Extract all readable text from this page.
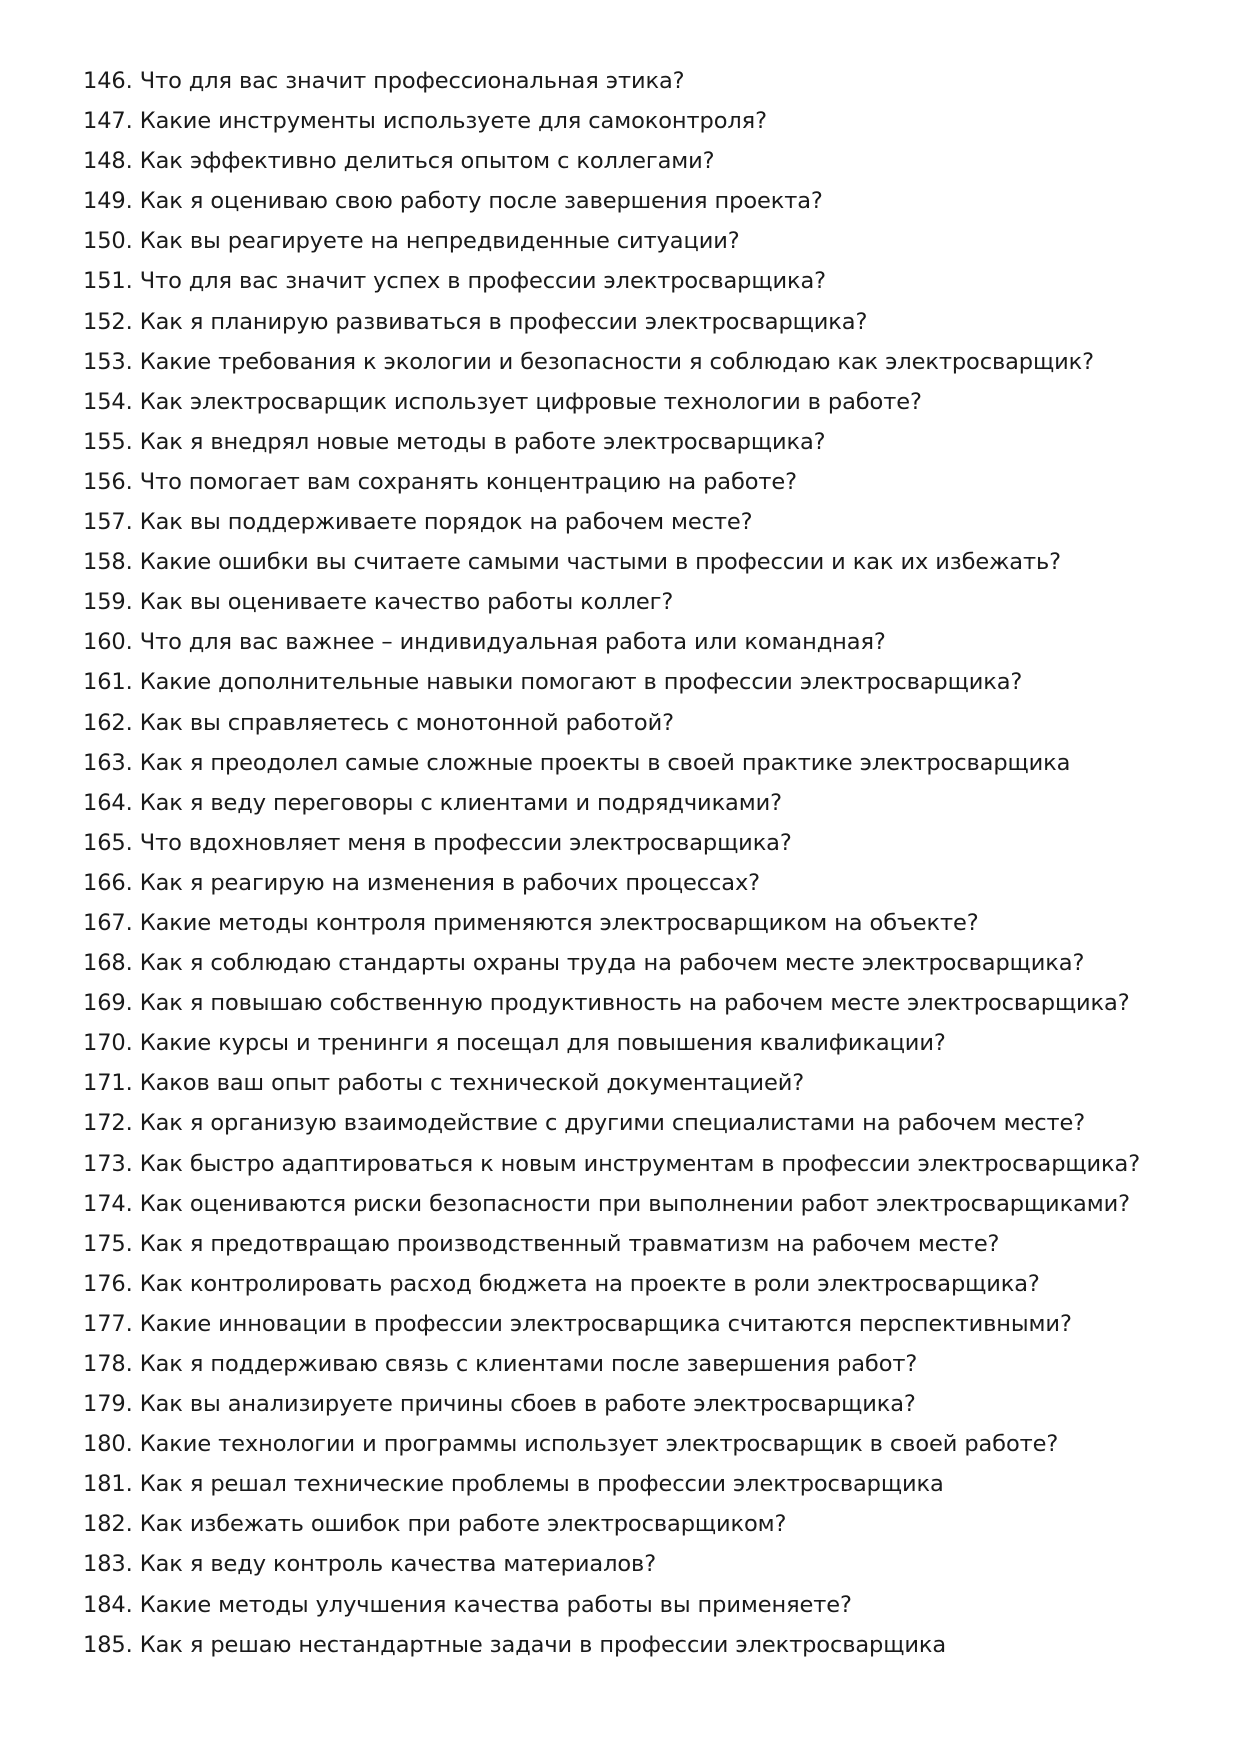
146. Что для вас значит профессиональная этика?
147. Какие инструменты используете для самоконтроля?
148. Как эффективно делиться опытом с коллегами?
149. Как я оцениваю свою работу после завершения проекта?
150. Как вы реагируете на непредвиденные ситуации?
151. Что для вас значит успех в профессии электросварщика?
152. Как я планирую развиваться в профессии электросварщика?
153. Какие требования к экологии и безопасности я соблюдаю как электросварщик?
154. Как электросварщик использует цифровые технологии в работе?
155. Как я внедрял новые методы в работе электросварщика?
156. Что помогает вам сохранять концентрацию на работе?
157. Как вы поддерживаете порядок на рабочем месте?
158. Какие ошибки вы считаете самыми частыми в профессии и как их избежать?
159. Как вы оцениваете качество работы коллег?
160. Что для вас важнее – индивидуальная работа или командная?
161. Какие дополнительные навыки помогают в профессии электросварщика?
162. Как вы справляетесь с монотонной работой?
163. Как я преодолел самые сложные проекты в своей практике электросварщика
164. Как я веду переговоры с клиентами и подрядчиками?
165. Что вдохновляет меня в профессии электросварщика?
166. Как я реагирую на изменения в рабочих процессах?
167. Какие методы контроля применяются электросварщиком на объекте?
168. Как я соблюдаю стандарты охраны труда на рабочем месте электросварщика?
169. Как я повышаю собственную продуктивность на рабочем месте электросварщика?
170. Какие курсы и тренинги я посещал для повышения квалификации?
171. Каков ваш опыт работы с технической документацией?
172. Как я организую взаимодействие с другими специалистами на рабочем месте?
173. Как быстро адаптироваться к новым инструментам в профессии электросварщика?
174. Как оцениваются риски безопасности при выполнении работ электросварщиками?
175. Как я предотвращаю производственный травматизм на рабочем месте?
176. Как контролировать расход бюджета на проекте в роли электросварщика?
177. Какие инновации в профессии электросварщика считаются перспективными?
178. Как я поддерживаю связь с клиентами после завершения работ?
179. Как вы анализируете причины сбоев в работе электросварщика?
180. Какие технологии и программы использует электросварщик в своей работе?
181. Как я решал технические проблемы в профессии электросварщика
182. Как избежать ошибок при работе электросварщиком?
183. Как я веду контроль качества материалов?
184. Какие методы улучшения качества работы вы применяете?
185. Как я решаю нестандартные задачи в профессии электросварщика
